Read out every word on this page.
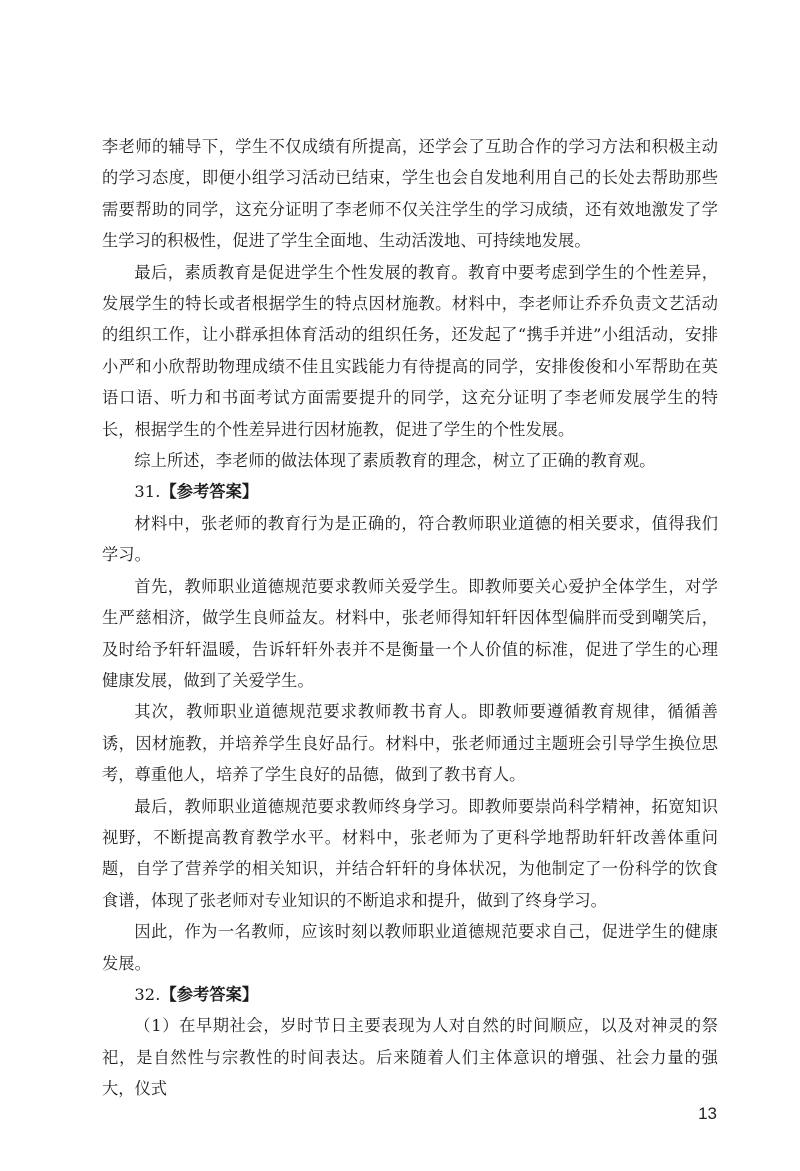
李老师的辅导下，学生不仅成绩有所提高，还学会了互助合作的学习方法和积极主动的学习态度，即便小组学习活动已结束，学生也会自发地利用自己的长处去帮助那些需要帮助的同学，这充分证明了李老师不仅关注学生的学习成绩，还有效地激发了学生学习的积极性，促进了学生全面地、生动活泼地、可持续地发展。

最后，素质教育是促进学生个性发展的教育。教育中要考虑到学生的个性差异，发展学生的特长或者根据学生的特点因材施教。材料中，李老师让乔乔负责文艺活动的组织工作，让小群承担体育活动的组织任务，还发起了“携手并进”小组活动，安排小严和小欣帮助物理成绩不佳且实践能力有待提高的同学，安排俊俊和小军帮助在英语口语、听力和书面考试方面需要提升的同学，这充分证明了李老师发展学生的特长，根据学生的个性差异进行因材施教，促进了学生的个性发展。

综上所述，李老师的做法体现了素质教育的理念，树立了正确的教育观。

31.【参考答案】

材料中，张老师的教育行为是正确的，符合教师职业道德的相关要求，值得我们学习。

首先，教师职业道德规范要求教师关爱学生。即教师要关心爱护全体学生，对学生严慈相济，做学生良师益友。材料中，张老师得知轩轩因体型偏胖而受到嘲笑后，及时给予轩轩温暖，告诉轩轩外表并不是衡量一个人价值的标准，促进了学生的心理健康发展，做到了关爱学生。

其次，教师职业道德规范要求教师教书育人。即教师要遵循教育规律，循循善诱，因材施教，并培养学生良好品行。材料中，张老师通过主题班会引导学生换位思考，尊重他人，培养了学生良好的品德，做到了教书育人。

最后，教师职业道德规范要求教师终身学习。即教师要崇尚科学精神，拓宽知识视野，不断提高教育教学水平。材料中，张老师为了更科学地帮助轩轩改善体重问题，自学了营养学的相关知识，并结合轩轩的身体状况，为他制定了一份科学的饮食食谱，体现了张老师对专业知识的不断追求和提升，做到了终身学习。

因此，作为一名教师，应该时刻以教师职业道德规范要求自己，促进学生的健康发展。

32.【参考答案】

（1）在早期社会，岁时节日主要表现为人对自然的时间顺应，以及对神灵的祭祀，是自然性与宗教性的时间表达。后来随着人们主体意识的增强、社会力量的强大，仪式

13
